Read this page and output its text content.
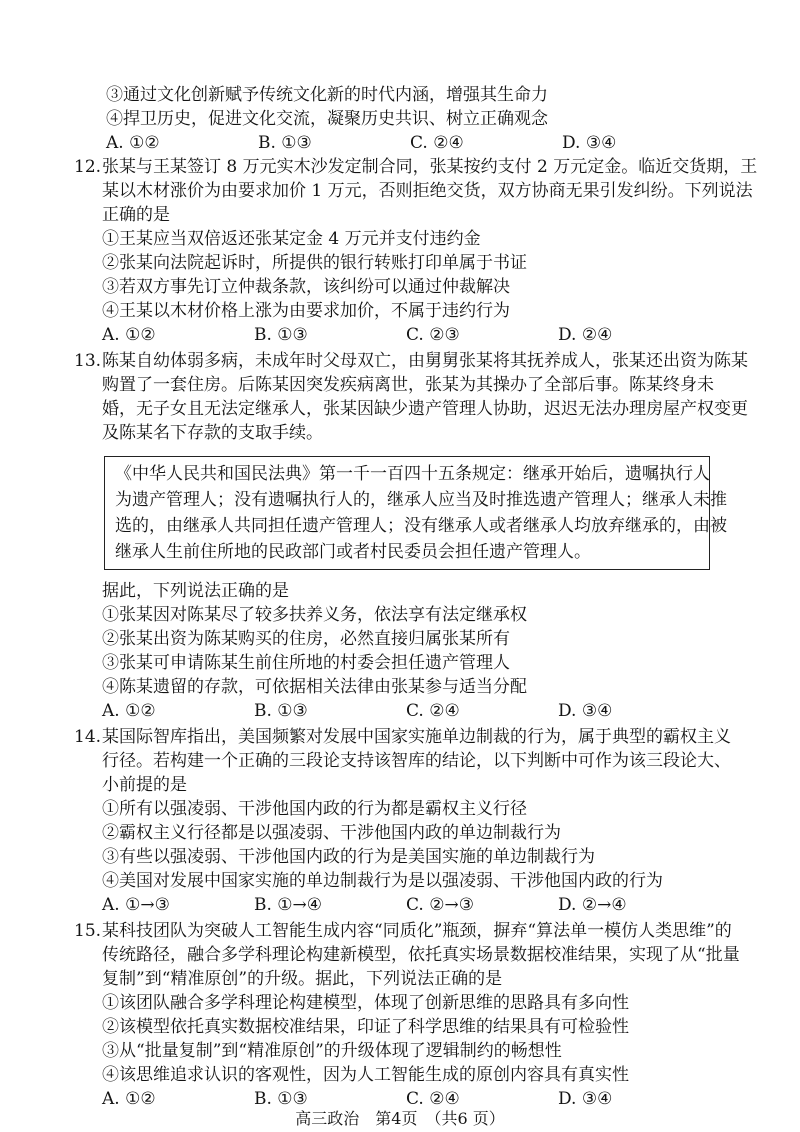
③通过文化创新赋予传统文化新的时代内涵，增强其生命力
④捍卫历史，促进文化交流，凝聚历史共识、树立正确观念
A. ①②	B. ①③	C. ②④	D. ③④
12. 张某与王某签订 8 万元实木沙发定制合同，张某按约支付 2 万元定金。临近交货期，王
某以木材涨价为由要求加价 1 万元，否则拒绝交货，双方协商无果引发纠纷。下列说法
正确的是
①王某应当双倍返还张某定金 4 万元并支付违约金
②张某向法院起诉时，所提供的银行转账打印单属于书证
③若双方事先订立仲裁条款，该纠纷可以通过仲裁解决
④王某以木材价格上涨为由要求加价，不属于违约行为
A. ①②	B. ①③	C. ②③	D. ②④
13. 陈某自幼体弱多病，未成年时父母双亡，由舅舅张某将其抚养成人，张某还出资为陈某
购置了一套住房。后陈某因突发疾病离世，张某为其操办了全部后事。陈某终身未
婚，无子女且无法定继承人，张某因缺少遗产管理人协助，迟迟无法办理房屋产权变更
及陈某名下存款的支取手续。
《中华人民共和国民法典》第一千一百四十五条规定：继承开始后，遗嘱执行人
为遗产管理人；没有遗嘱执行人的，继承人应当及时推选遗产管理人；继承人未推
选的，由继承人共同担任遗产管理人；没有继承人或者继承人均放弃继承的，由被
继承人生前住所地的民政部门或者村民委员会担任遗产管理人。
据此，下列说法正确的是
①张某因对陈某尽了较多扶养义务，依法享有法定继承权
②张某出资为陈某购买的住房，必然直接归属张某所有
③张某可申请陈某生前住所地的村委会担任遗产管理人
④陈某遗留的存款，可依据相关法律由张某参与适当分配
A. ①②	B. ①③	C. ②④	D. ③④
14. 某国际智库指出，美国频繁对发展中国家实施单边制裁的行为，属于典型的霸权主义
行径。若构建一个正确的三段论支持该智库的结论，以下判断中可作为该三段论大、
小前提的是
①所有以强凌弱、干涉他国内政的行为都是霸权主义行径
②霸权主义行径都是以强凌弱、干涉他国内政的单边制裁行为
③有些以强凌弱、干涉他国内政的行为是美国实施的单边制裁行为
④美国对发展中国家实施的单边制裁行为是以强凌弱、干涉他国内政的行为
A. ①→③	B. ①→④	C. ②→③	D. ②→④
15. 某科技团队为突破人工智能生成内容“同质化”瓶颈，摒弃“算法单一模仿人类思维”的
传统路径，融合多学科理论构建新模型，依托真实场景数据校准结果，实现了从“批量
复制”到“精准原创”的升级。据此，下列说法正确的是
①该团队融合多学科理论构建模型，体现了创新思维的思路具有多向性
②该模型依托真实数据校准结果，印证了科学思维的结果具有可检验性
③从“批量复制”到“精准原创”的升级体现了逻辑制约的畅想性
④该思维追求认识的客观性，因为人工智能生成的原创内容具有真实性
A. ①②	B. ①③	C. ②④	D. ③④
高三政治　第4页　（共6 页）
